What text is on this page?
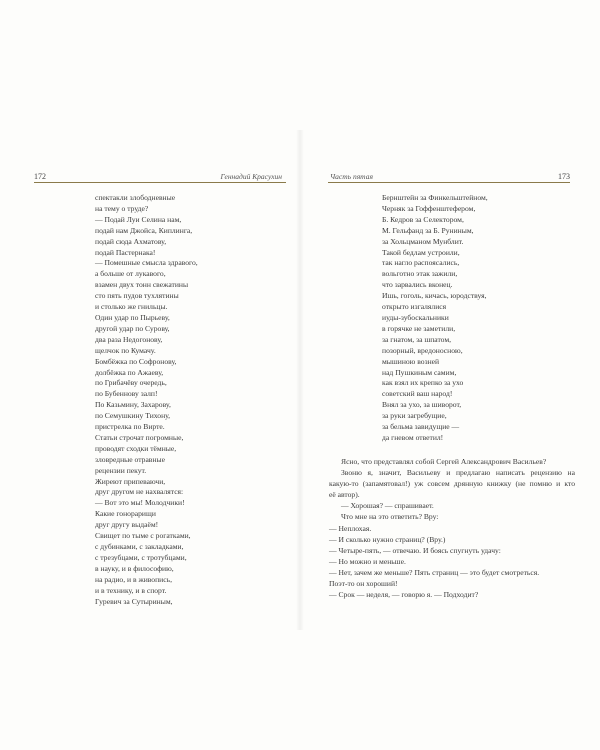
172	Геннадий Красухин
спектакли злободневные
на тему о труде?
— Подай Луи Селина нам,
подай нам Джойса, Киплинга,
подай сюда Ахматову,
подай Пастернака!
— Помешные смысла здравого,
а больше от лукавого,
взамен двух тонн свежатины
сто пять пудов тухлятины
и столько же гнильцы.
Один удар по Пырьеву,
другой удар по Сурову,
два раза Недогонову,
щелчок по Кумачу.
Бомбёжка по Софронову,
долбёжка по Ажаеву,
по Грибачёву очередь,
по Бубеннову залп!
По Казьмину, Захарову,
по Семушкину Тихону,
пристрелка по Вирте.
Статьи строчат погромные,
проводят сходки тёмные,
зловредные отравные
рецензии пекут.
Жиреют припеваючи,
друг другом не нахвалятся:
— Вот это мы! Молодчики!
Какие гонорарищи
друг другу выдаём!
Свищет по тыме с рогатками,
с дубинками, с закладками,
с трезубцами, с тротубцами,
в науку, и в философию,
на радио, и в живопись,
и в технику, и в спорт.
Гуревич за Сутыриным,
Часть пятая	173
Бернштейн за Финкельштейном,
Черняк за Гоффенштефером,
Б. Кедров за Селектором,
М. Гельфанд за Б. Руниным,
за Хольцманом Мунблит.
Такой бедлам устроили,
так нагло распоясались,
вольготно этак зажили,
что зарвались вконец.
Ишь, гоголь, кичась, юродствуя,
открыто изгалялися
иуды-зубоскальники
в горячке не заметили,
за гнатом, за шпатом,
позорный, вредоносною,
мышиною возней
над Пушкиным самим,
как взял их крепко за ухо
советский ваш народ!
Внял за ухо, за шиворот,
за руки загребущие,
за бельма завидущие —
да гневом ответил!
Ясно, что представлял собой Сергей Александрович Васильев?
Звоню я, значит, Васильеву и предлагаю написать рецензию на
какую-то (запамятовал!) уж совсем дрянную книжку (не помню и кто
её автор).
— Хорошая? — спрашивает.
Что мне на это ответить? Вру:
— Неплохая.
— И сколько нужно страниц? (Вру.)
— Четыре-пять, — отвечаю. И боясь спугнуть удачу:
— Но можно и меньше.
— Нет, зачем же меньше? Пять страниц — это будет смотреться.
Поэт-то он хороший!
— Срок — неделя, — говорю я. — Подходит?
